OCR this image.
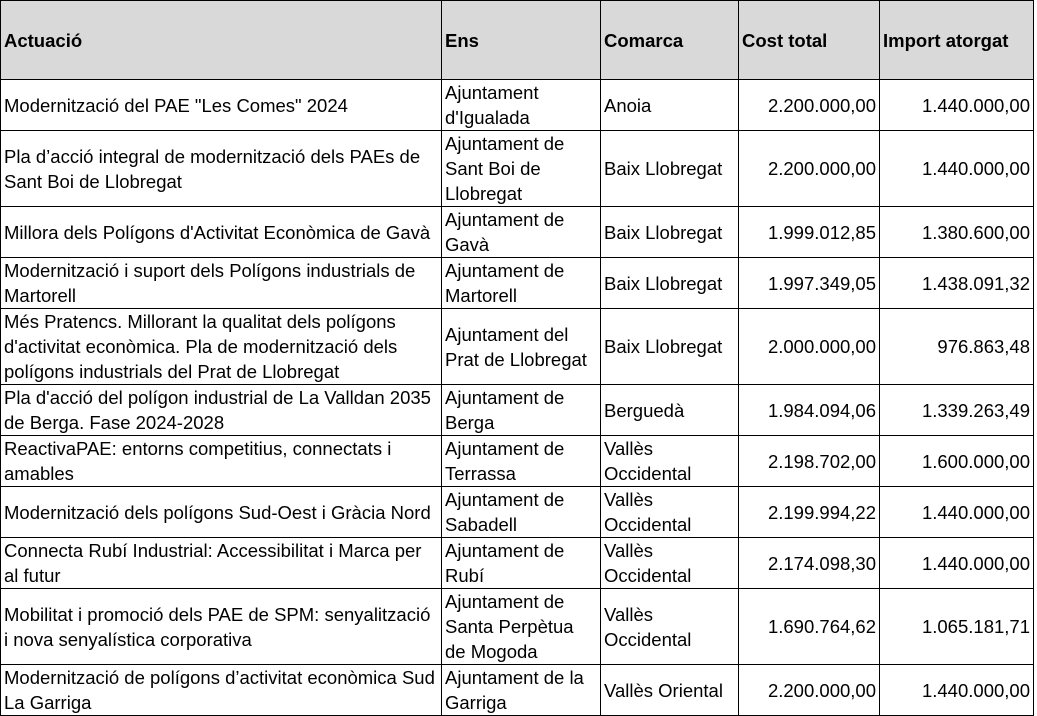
Actuació	Ens	Comarca	Cost total	Import atorgat
Modernització del PAE "Les Comes" 2024	Ajuntament d'Igualada	Anoia	2.200.000,00	1.440.000,00
Pla d’acció integral de modernització dels PAEs de Sant Boi de Llobregat	Ajuntament de Sant Boi de Llobregat	Baix Llobregat	2.200.000,00	1.440.000,00
Millora dels Polígons d'Activitat Econòmica de Gavà	Ajuntament de Gavà	Baix Llobregat	1.999.012,85	1.380.600,00
Modernització i suport dels Polígons industrials de Martorell	Ajuntament de Martorell	Baix Llobregat	1.997.349,05	1.438.091,32
Més Pratencs. Millorant la qualitat dels polígons d'activitat econòmica. Pla de modernització dels polígons industrials del Prat de Llobregat	Ajuntament del Prat de Llobregat	Baix Llobregat	2.000.000,00	976.863,48
Pla d'acció del polígon industrial de La Valldan 2035 de Berga. Fase 2024-2028	Ajuntament de Berga	Berguedà	1.984.094,06	1.339.263,49
ReactivaPAE: entorns competitius, connectats i amables	Ajuntament de Terrassa	Vallès Occidental	2.198.702,00	1.600.000,00
Modernització dels polígons Sud-Oest i Gràcia Nord	Ajuntament de Sabadell	Vallès Occidental	2.199.994,22	1.440.000,00
Connecta Rubí Industrial: Accessibilitat i Marca per al futur	Ajuntament de Rubí	Vallès Occidental	2.174.098,30	1.440.000,00
Mobilitat i promoció dels PAE de SPM: senyalització i nova senyalística corporativa	Ajuntament de Santa Perpètua de Mogoda	Vallès Occidental	1.690.764,62	1.065.181,71
Modernització de polígons d’activitat econòmica Sud La Garriga	Ajuntament de la Garriga	Vallès Oriental	2.200.000,00	1.440.000,00
